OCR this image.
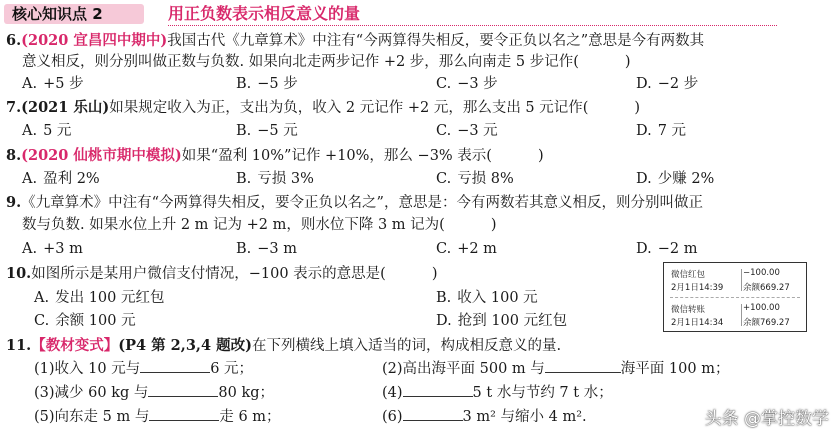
核心知识点 2	用正负数表示相反意义的量
6.(2020 宜昌四中期中)我国古代《九章算术》中注有“今两算得失相反，要令正负以名之”意思是今有两数其
意义相反，则分别叫做正数与负数. 如果向北走两步记作 +2 步，那么向南走 5 步记作(	)
A. +5 步	B. −5 步	C. −3 步	D. −2 步
7.(2021 乐山)如果规定收入为正，支出为负，收入 2 元记作 +2 元，那么支出 5 元记作(	)
A. 5 元	B. −5 元	C. −3 元	D. 7 元
8.(2020 仙桃市期中模拟)如果“盈利 10%”记作 +10%，那么 −3% 表示(	)
A. 盈利 2%	B. 亏损 3%	C. 亏损 8%	D. 少赚 2%
9.《九章算术》中注有“今两算得失相反，要令正负以名之”，意思是：今有两数若其意义相反，则分别叫做正
数与负数. 如果水位上升 2 m 记为 +2 m，则水位下降 3 m 记为(	)
A. +3 m	B. −3 m	C. +2 m	D. −2 m
10.如图所示是某用户微信支付情况，−100 表示的意思是(	)
A. 发出 100 元红包	B. 收入 100 元
C. 余额 100 元	D. 抢到 100 元红包
微信红包
2月1日14:39
−100.00
余额669.27
微信转账
2月1日14:34
+100.00
余额769.27
11.【教材变式】(P4 第 2,3,4 题改)在下列横线上填入适当的词，构成相反意义的量.
(1)收入 10 元与	6 元；	(2)高出海平面 500 m 与	海平面 100 m；
(3)减少 60 kg 与	80 kg；	(4)	5 t 水与节约 7 t 水；
(5)向东走 5 m 与	走 6 m；	(6)	3 m² 与缩小 4 m².	头条 @掌控数学
